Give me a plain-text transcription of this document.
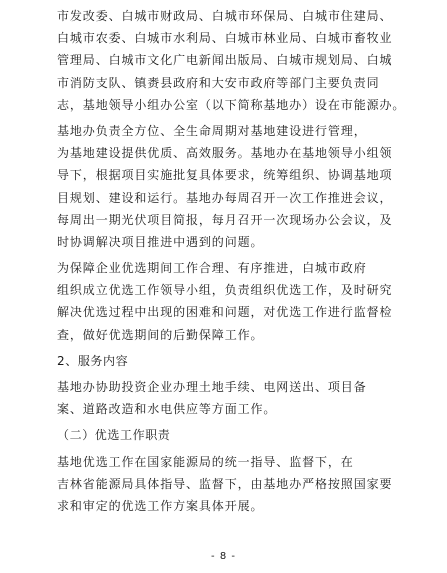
市发改委、白城市财政局、白城市环保局、白城市住建局、
白城市农委、白城市水利局、白城市林业局、白城市畜牧业
管理局、白城市文化广电新闻出版局、白城市规划局、白城
市消防支队、镇赉县政府和大安市政府等部门主要负责同
志，基地领导小组办公室（以下简称基地办）设在市能源办。
基地办负责全方位、全生命周期对基地建设进行管理，
为基地建设提供优质、高效服务。基地办在基地领导小组领
导下，根据项目实施批复具体要求，统筹组织、协调基地项
目规划、建设和运行。基地办每周召开一次工作推进会议，
每周出一期光伏项目简报，每月召开一次现场办公会议，及
时协调解决项目推进中遇到的问题。
为保障企业优选期间工作合理、有序推进，白城市政府
组织成立优选工作领导小组，负责组织优选工作，及时研究
解决优选过程中出现的困难和问题，对优选工作进行监督检
查，做好优选期间的后勤保障工作。
2、服务内容
基地办协助投资企业办理土地手续、电网送出、项目备
案、道路改造和水电供应等方面工作。
（二）优选工作职责
基地优选工作在国家能源局的统一指导、监督下，在
吉林省能源局具体指导、监督下，由基地办严格按照国家要
求和审定的优选工作方案具体开展。
- 8 -
